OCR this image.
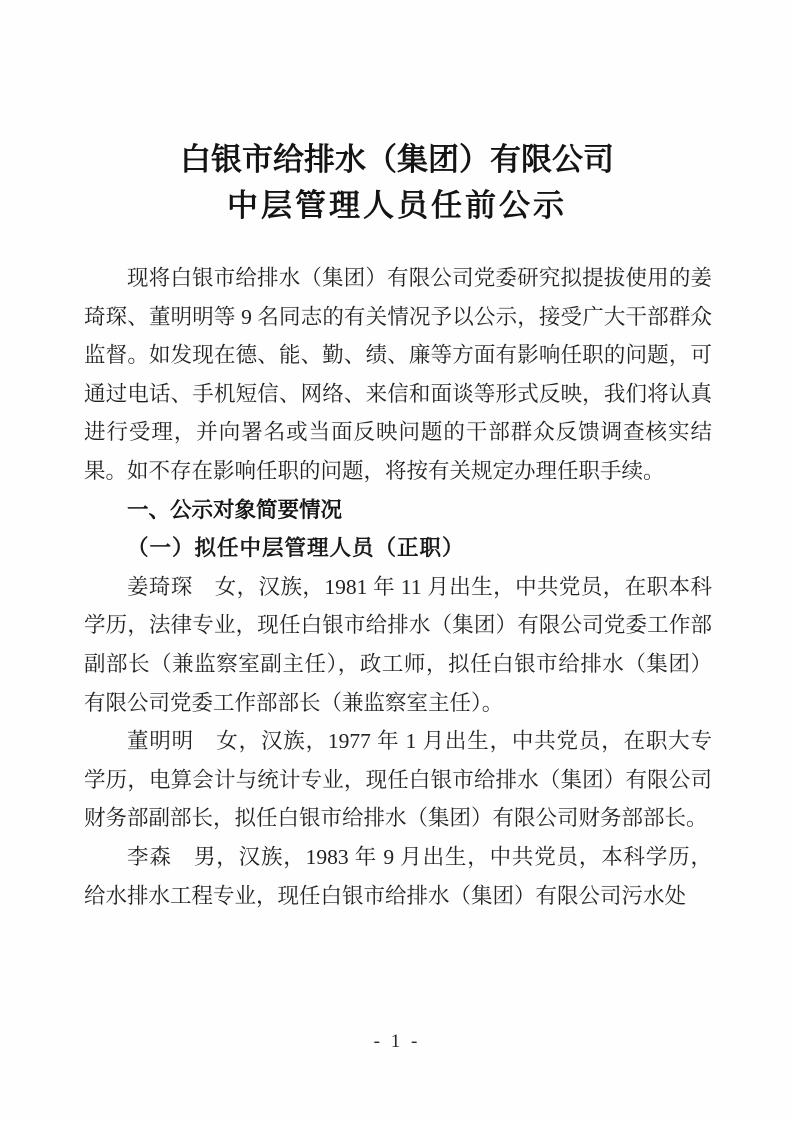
白银市给排水（集团）有限公司
中层管理人员任前公示

现将白银市给排水（集团）有限公司党委研究拟提拔使用的姜琦琛、董明明等 9 名同志的有关情况予以公示，接受广大干部群众监督。如发现在德、能、勤、绩、廉等方面有影响任职的问题，可通过电话、手机短信、网络、来信和面谈等形式反映，我们将认真进行受理，并向署名或当面反映问题的干部群众反馈调查核实结果。如不存在影响任职的问题，将按有关规定办理任职手续。

一、公示对象简要情况

（一）拟任中层管理人员（正职）

姜琦琛　女，汉族，1981 年 11 月出生，中共党员，在职本科学历，法律专业，现任白银市给排水（集团）有限公司党委工作部副部长（兼监察室副主任），政工师，拟任白银市给排水（集团）有限公司党委工作部部长（兼监察室主任）。

董明明　女，汉族，1977 年 1 月出生，中共党员，在职大专学历，电算会计与统计专业，现任白银市给排水（集团）有限公司财务部副部长，拟任白银市给排水（集团）有限公司财务部部长。

李森　男，汉族，1983 年 9 月出生，中共党员，本科学历，给水排水工程专业，现任白银市给排水（集团）有限公司污水处

- 1 -
